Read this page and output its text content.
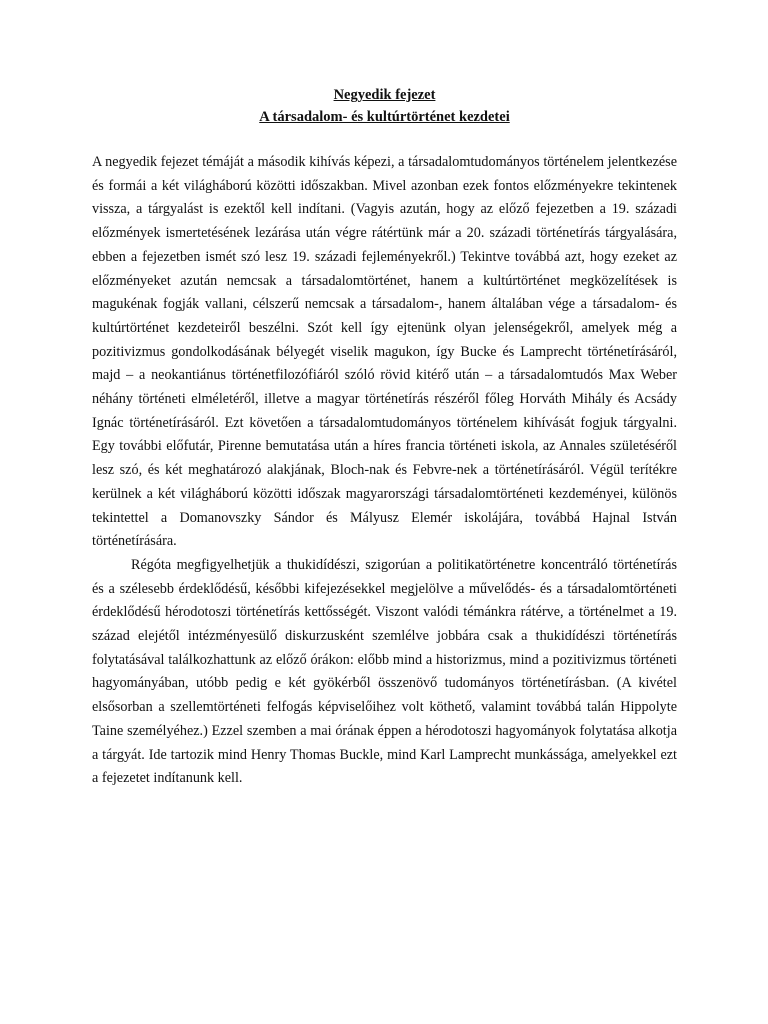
Negyedik fejezet
A társadalom- és kultúrtörténet kezdetei

A negyedik fejezet témáját a második kihívás képezi, a társadalomtudományos történelem jelentkezése és formái a két világháború közötti időszakban. Mivel azonban ezek fontos előzményekre tekintenek vissza, a tárgyalást is ezektől kell indítani. (Vagyis azután, hogy az előző fejezetben a 19. századi előzmények ismertetésének lezárása után végre rátértünk már a 20. századi történetírás tárgyalására, ebben a fejezetben ismét szó lesz 19. századi fejleményekről.) Tekintve továbbá azt, hogy ezeket az előzményeket azután nemcsak a társadalomtörténet, hanem a kultúrtörténet megközelítések is magukénak fogják vallani, célszerű nemcsak a társadalom-, hanem általában vége a társadalom- és kultúrtörténet kezdeteiről beszélni. Szót kell így ejtenünk olyan jelenségekről, amelyek még a pozitivizmus gondolkodásának bélyegét viselik magukon, így Bucke és Lamprecht történetírásáról, majd – a neokantiánus történetfilozófiáról szóló rövid kitérő után – a társadalomtudós Max Weber néhány történeti elméletéről, illetve a magyar történetírás részéről főleg Horváth Mihály és Acsády Ignác történetírásáról. Ezt követően a társadalomtudományos történelem kihívását fogjuk tárgyalni. Egy további előfutár, Pirenne bemutatása után a híres francia történeti iskola, az Annales születéséről lesz szó, és két meghatározó alakjának, Bloch-nak és Febvre-nek a történetírásáról. Végül terítékre kerülnek a két világháború közötti időszak magyarországi társadalomtörténeti kezdeményei, különös tekintettel a Domanovszky Sándor és Mályusz Elemér iskolájára, továbbá Hajnal István történetírására.

Régóta megfigyelhetjük a thukidídészi, szigorúan a politikatörténetre koncentráló történetírás és a szélesebb érdeklődésű, későbbi kifejezésekkel megjelölve a művelődés- és a társadalomtörténeti érdeklődésű hérodotoszi történetírás kettősségét. Viszont valódi témánkra rátérve, a történelmet a 19. század elejétől intézményesülő diskurzusként szemlélve jobbára csak a thukidídészi történetírás folytatásával találkozhattunk az előző órákon: előbb mind a historizmus, mind a pozitivizmus történeti hagyományában, utóbb pedig e két gyökérből összenövő tudományos történetírásban. (A kivétel elsősorban a szellemtörténeti felfogás képviselőihez volt köthető, valamint továbbá talán Hippolyte Taine személyéhez.) Ezzel szemben a mai órának éppen a hérodotoszi hagyományok folytatása alkotja a tárgyát. Ide tartozik mind Henry Thomas Buckle, mind Karl Lamprecht munkássága, amelyekkel ezt a fejezetet indítanunk kell.
